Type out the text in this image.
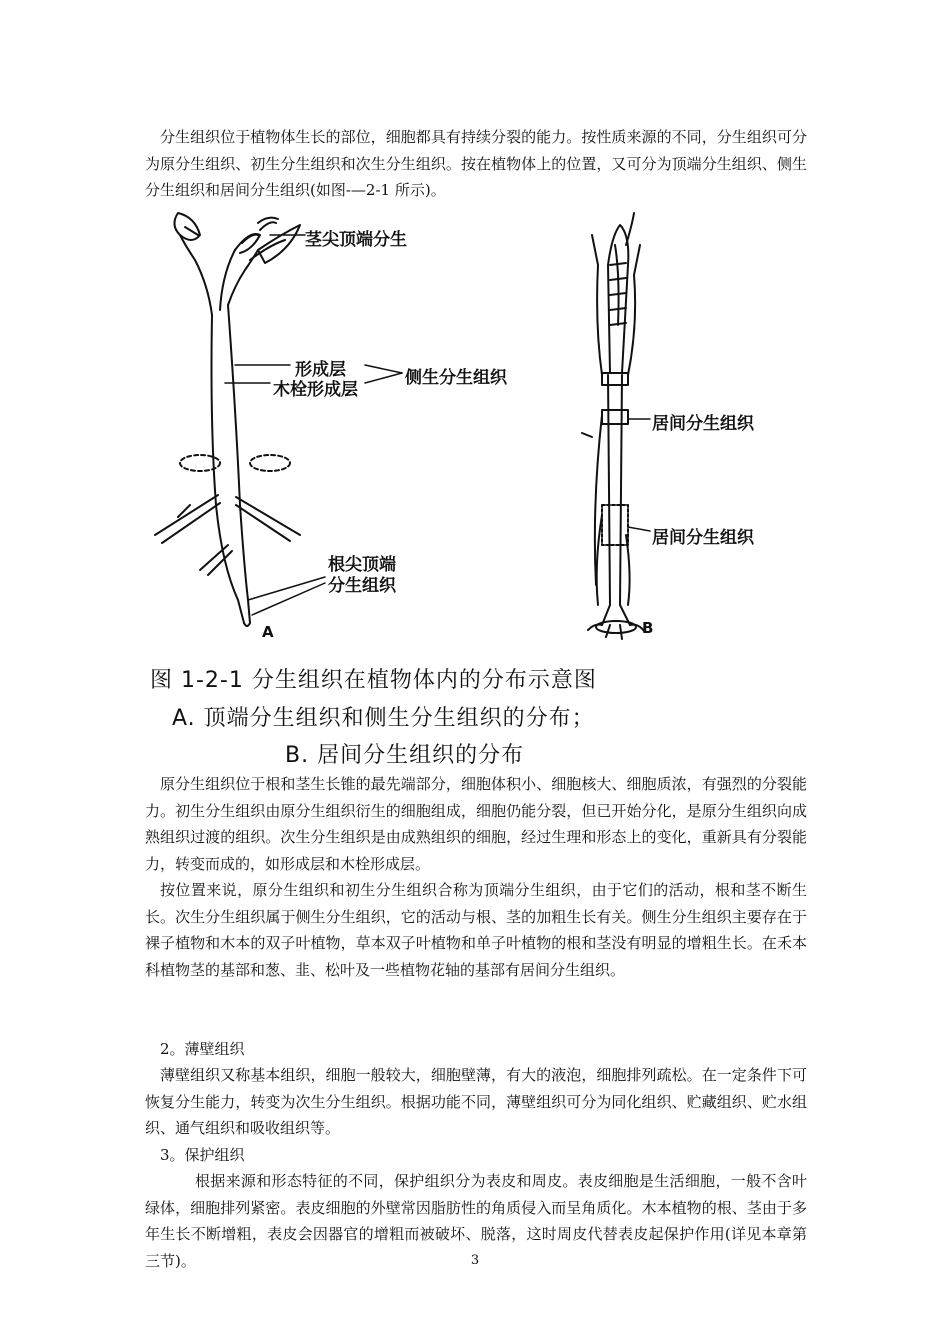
分生组织位于植物体生长的部位，细胞都具有持续分裂的能力。按性质来源的不同，分生组织可分为原分生组织、初生分生组织和次生分生组织。按在植物体上的位置，又可分为顶端分生组织、侧生分生组织和居间分生组织(如图-—2-1 所示)。

茎尖顶端分生
形成层
木栓形成层
侧生分生组织
根尖顶端
分生组织
A
居间分生组织
居间分生组织
B
图 1-2-1 分生组织在植物体内的分布示意图
A. 顶端分生组织和侧生分生组织的分布；
B. 居间分生组织的分布

原分生组织位于根和茎生长锥的最先端部分，细胞体积小、细胞核大、细胞质浓，有强烈的分裂能力。初生分生组织由原分生组织衍生的细胞组成，细胞仍能分裂，但已开始分化，是原分生组织向成熟组织过渡的组织。次生分生组织是由成熟组织的细胞，经过生理和形态上的变化，重新具有分裂能力，转变而成的，如形成层和木栓形成层。

按位置来说，原分生组织和初生分生组织合称为顶端分生组织，由于它们的活动，根和茎不断生长。次生分生组织属于侧生分生组织，它的活动与根、茎的加粗生长有关。侧生分生组织主要存在于裸子植物和木本的双子叶植物，草本双子叶植物和单子叶植物的根和茎没有明显的增粗生长。在禾本科植物茎的基部和葱、韭、松叶及一些植物花轴的基部有居间分生组织。

2。薄壁组织

薄壁组织又称基本组织，细胞一般较大，细胞壁薄，有大的液泡，细胞排列疏松。在一定条件下可恢复分生能力，转变为次生分生组织。根据功能不同，薄壁组织可分为同化组织、贮藏组织、贮水组织、通气组织和吸收组织等。

3。保护组织

根据来源和形态特征的不同，保护组织分为表皮和周皮。表皮细胞是生活细胞，一般不含叶绿体，细胞排列紧密。表皮细胞的外壁常因脂肪性的角质侵入而呈角质化。木本植物的根、茎由于多年生长不断增粗，表皮会因器官的增粗而被破坏、脱落，这时周皮代替表皮起保护作用(详见本章第三节)。	3
